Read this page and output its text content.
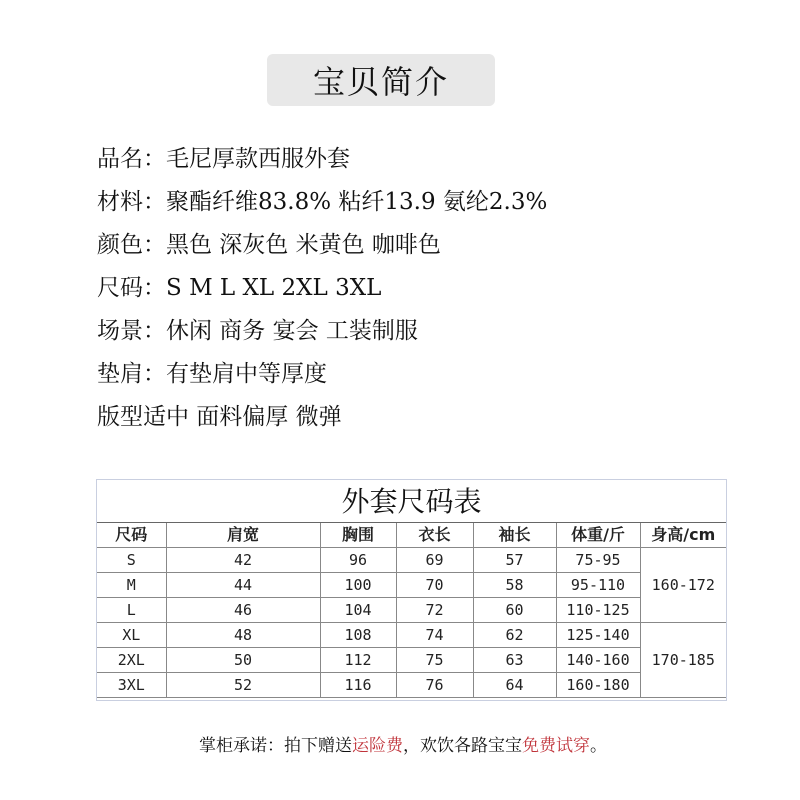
宝贝简介
品名：毛尼厚款西服外套
材料：聚酯纤维83.8% 粘纤13.9 氨纶2.3%
颜色：黑色 深灰色 米黄色 咖啡色
尺码：S M L XL 2XL 3XL
场景：休闲 商务 宴会 工装制服
垫肩：有垫肩中等厚度
版型适中 面料偏厚 微弹
外套尺码表
尺码	肩宽	胸围	衣长	袖长	体重/斤	身高/cm
S	42	96	69	57	75-95	160-172
M	44	100	70	58	95-110	
L	46	104	72	60	110-125	
XL	48	108	74	62	125-140	170-185
2XL	50	112	75	63	140-160	
3XL	52	116	76	64	160-180	
掌柜承诺：拍下赠送运险费，欢饮各路宝宝免费试穿。
